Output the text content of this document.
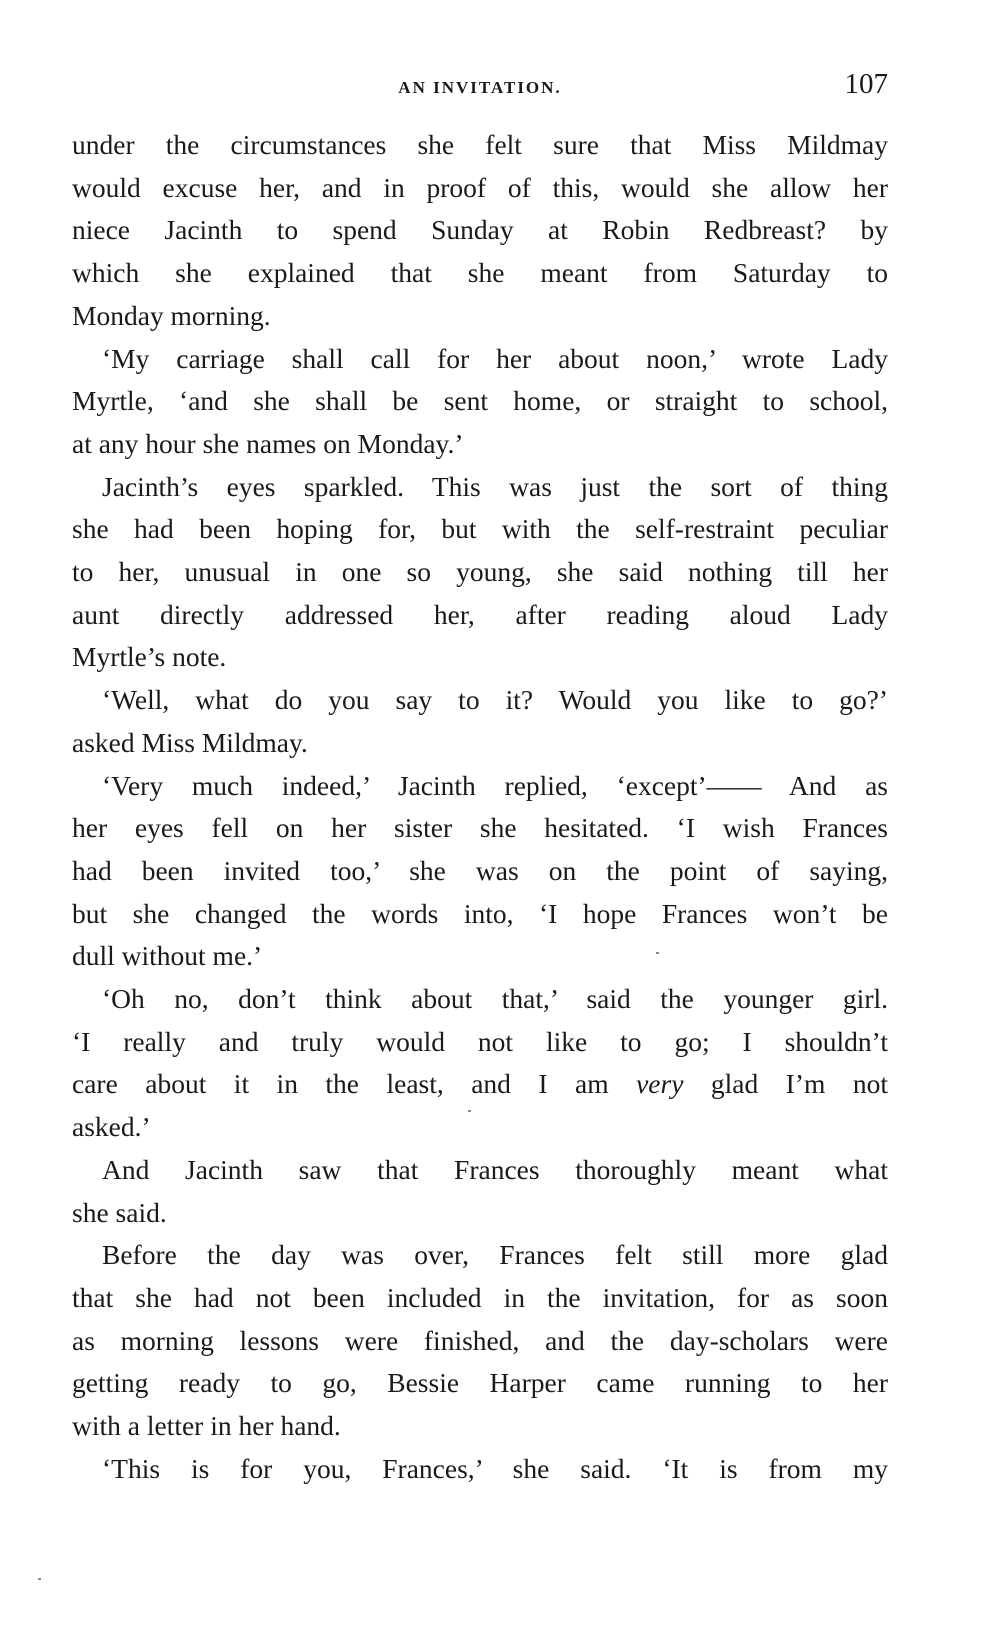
AN INVITATION.	107
under the circumstances she felt sure that Miss Mildmay
would excuse her, and in proof of this, would she allow her
niece Jacinth to spend Sunday at Robin Redbreast? by
which she explained that she meant from Saturday to
Monday morning.
‘My carriage shall call for her about noon,’ wrote Lady
Myrtle, ‘and she shall be sent home, or straight to school,
at any hour she names on Monday.’
Jacinth’s eyes sparkled. This was just the sort of thing
she had been hoping for, but with the self-restraint peculiar
to her, unusual in one so young, she said nothing till her
aunt directly addressed her, after reading aloud Lady
Myrtle’s note.
‘Well, what do you say to it? Would you like to go?’
asked Miss Mildmay.
‘Very much indeed,’ Jacinth replied, ‘except’—— And as
her eyes fell on her sister she hesitated. ‘I wish Frances
had been invited too,’ she was on the point of saying,
but she changed the words into, ‘I hope Frances won’t be
dull without me.’
‘Oh no, don’t think about that,’ said the younger girl.
‘I really and truly would not like to go; I shouldn’t
care about it in the least, and I am very glad I’m not
asked.’
And Jacinth saw that Frances thoroughly meant what
she said.
Before the day was over, Frances felt still more glad
that she had not been included in the invitation, for as soon
as morning lessons were finished, and the day-scholars were
getting ready to go, Bessie Harper came running to her
with a letter in her hand.
‘This is for you, Frances,’ she said. ‘It is from my
